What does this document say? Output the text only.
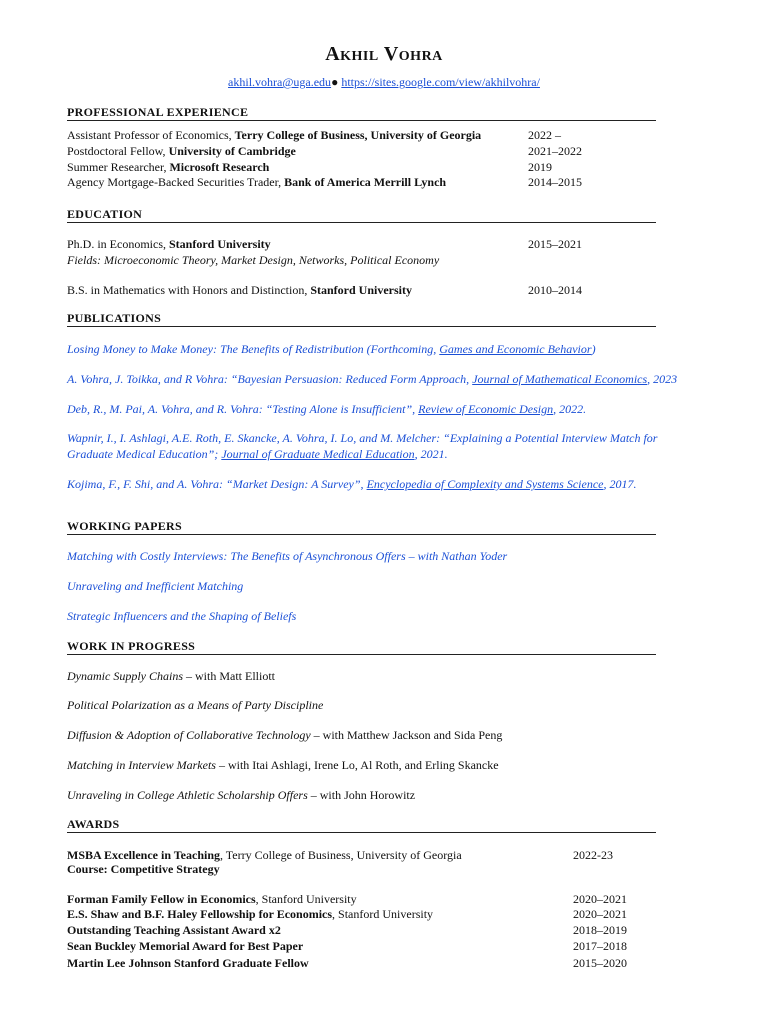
Akhil Vohra
akhil.vohra@uga.edu● https://sites.google.com/view/akhilvohra/
PROFESSIONAL EXPERIENCE
Assistant Professor of Economics, Terry College of Business, University of Georgia	2022 –
Postdoctoral Fellow, University of Cambridge	2021–2022
Summer Researcher, Microsoft Research	2019
Agency Mortgage-Backed Securities Trader, Bank of America Merrill Lynch	2014–2015
EDUCATION
Ph.D. in Economics, Stanford University	2015–2021
Fields: Microeconomic Theory, Market Design, Networks, Political Economy
B.S. in Mathematics with Honors and Distinction, Stanford University	2010–2014
PUBLICATIONS
Losing Money to Make Money: The Benefits of Redistribution (Forthcoming, Games and Economic Behavior)
A. Vohra, J. Toikka, and R Vohra: “Bayesian Persuasion: Reduced Form Approach, Journal of Mathematical Economics, 2023
Deb, R., M. Pai, A. Vohra, and R. Vohra: “Testing Alone is Insufficient”, Review of Economic Design, 2022.
Wapnir, I., I. Ashlagi, A.E. Roth, E. Skancke, A. Vohra, I. Lo, and M. Melcher: “Explaining a Potential Interview Match for
Graduate Medical Education”; Journal of Graduate Medical Education, 2021.
Kojima, F., F. Shi, and A. Vohra: “Market Design: A Survey”, Encyclopedia of Complexity and Systems Science, 2017.
WORKING PAPERS
Matching with Costly Interviews: The Benefits of Asynchronous Offers – with Nathan Yoder
Unraveling and Inefficient Matching
Strategic Influencers and the Shaping of Beliefs
WORK IN PROGRESS
Dynamic Supply Chains – with Matt Elliott
Political Polarization as a Means of Party Discipline
Diffusion & Adoption of Collaborative Technology – with Matthew Jackson and Sida Peng
Matching in Interview Markets – with Itai Ashlagi, Irene Lo, Al Roth, and Erling Skancke
Unraveling in College Athletic Scholarship Offers – with John Horowitz
AWARDS
MSBA Excellence in Teaching, Terry College of Business, University of Georgia	2022-23
Course: Competitive Strategy
Forman Family Fellow in Economics, Stanford University	2020–2021
E.S. Shaw and B.F. Haley Fellowship for Economics, Stanford University	2020–2021
Outstanding Teaching Assistant Award x2	2018–2019
Sean Buckley Memorial Award for Best Paper	2017–2018
Martin Lee Johnson Stanford Graduate Fellow	2015–2020
